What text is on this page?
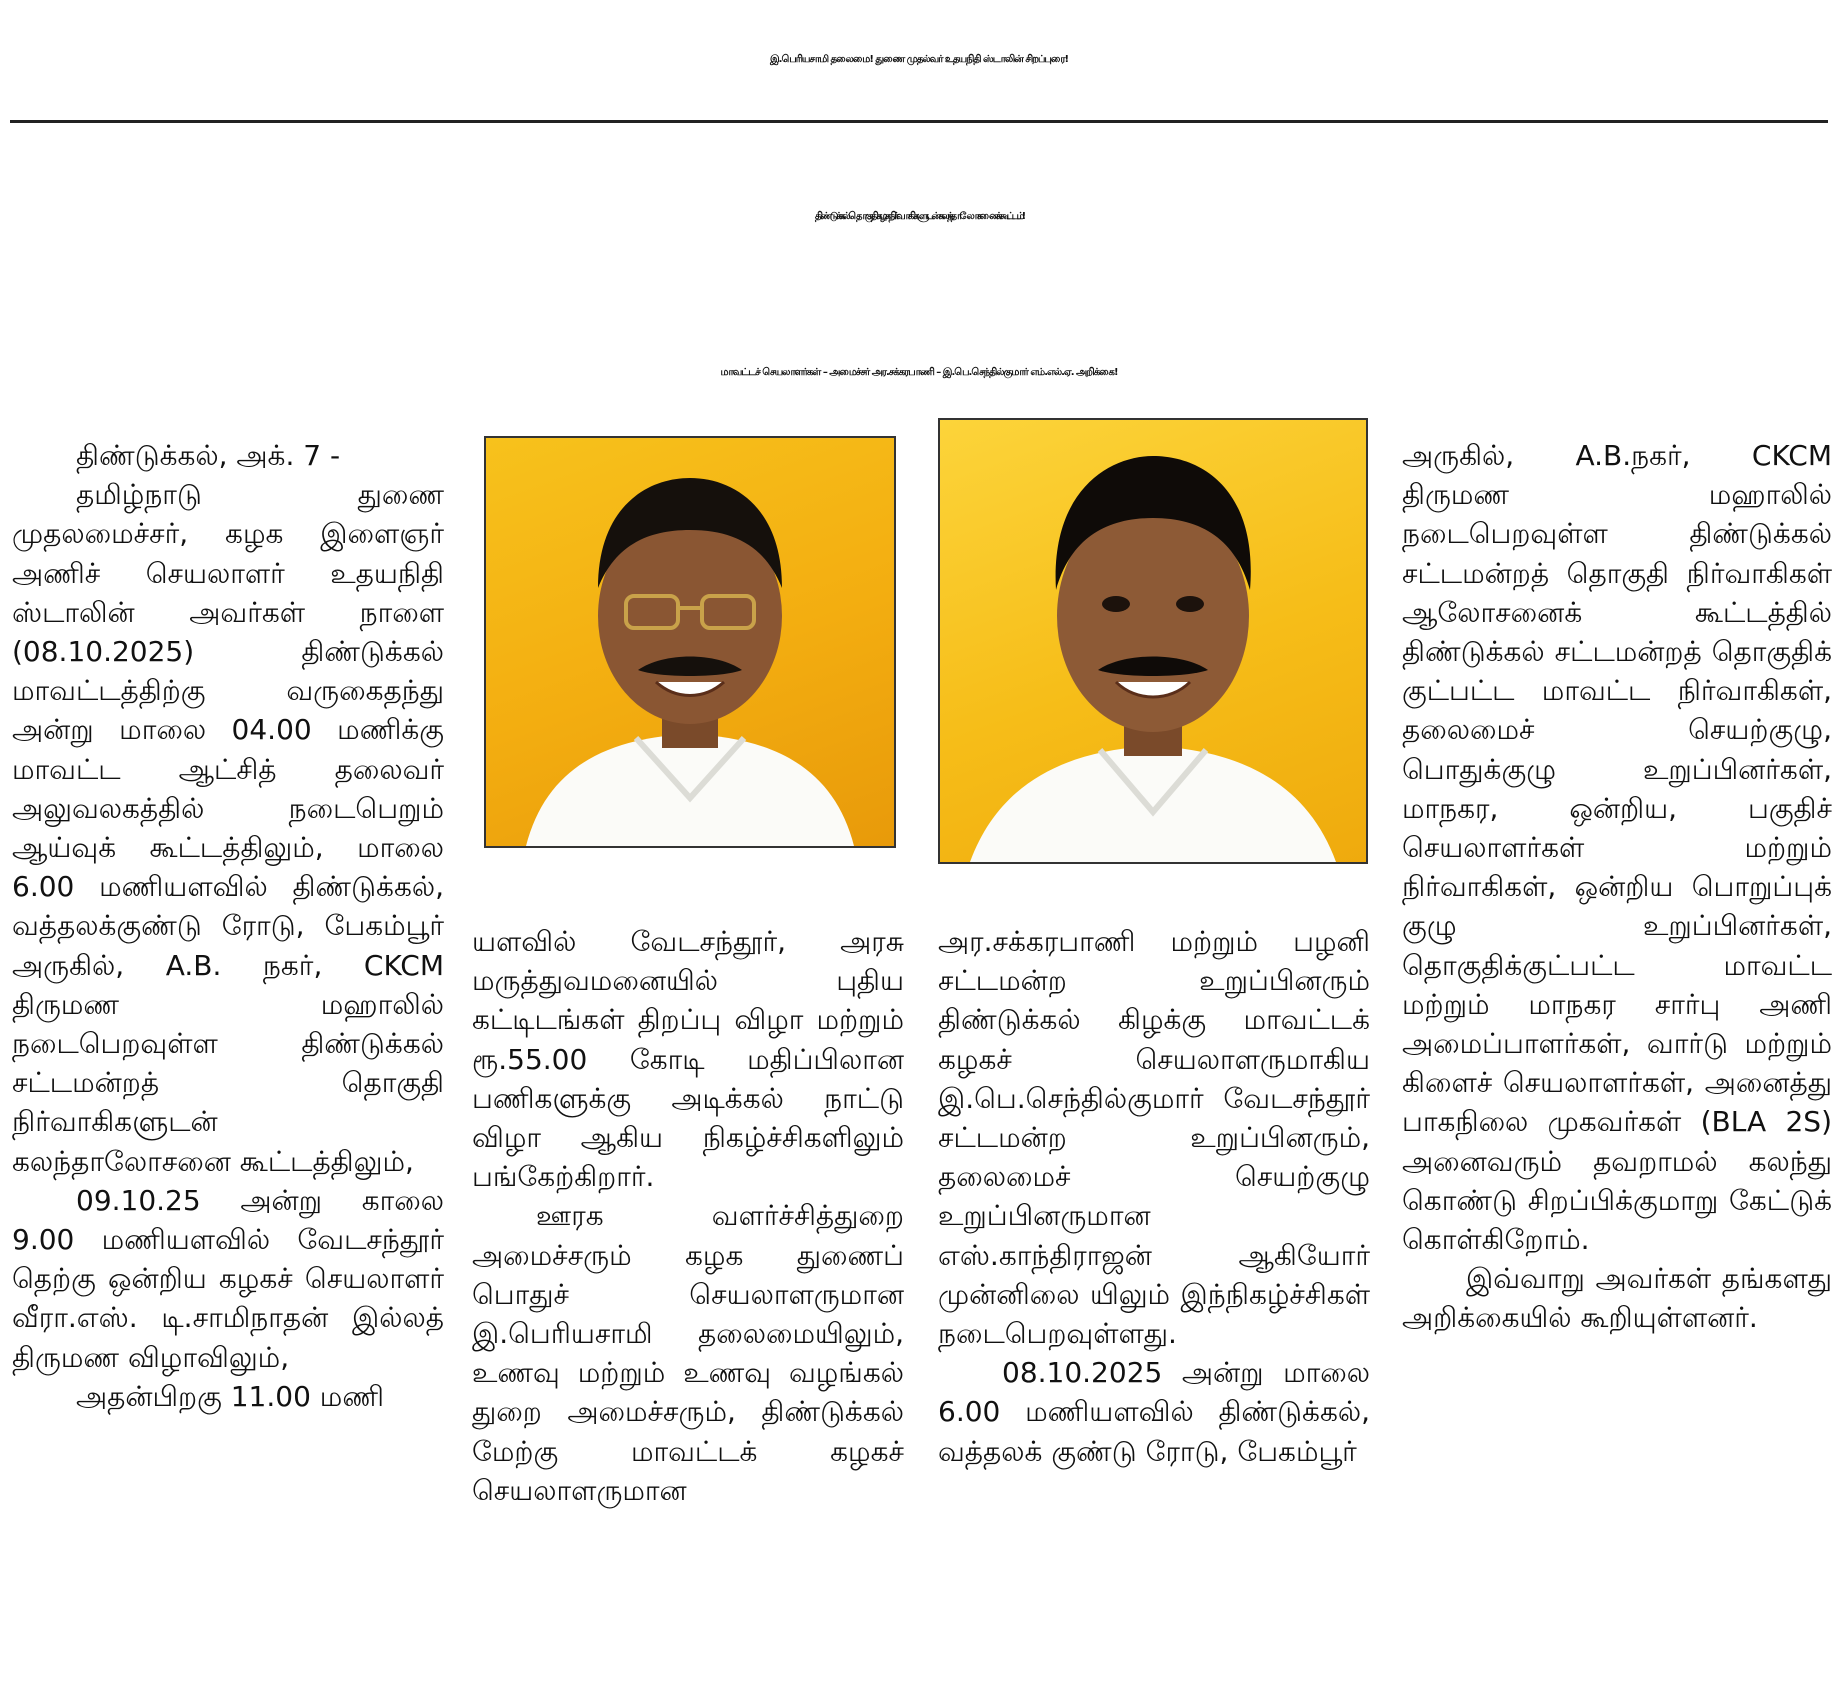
இ.பெரியசாமி தலைமை! துணை முதல்வர் உதயநிதி ஸ்டாலின் சிறப்புரை!
திண்டுக்கல் தொகுதி கழக நிர்வாகிகளுடன் கலந்தாலோசனைக் கூட்டம்!
மாவட்டச் செயலாளர்கள் – அமைச்சர் அர.சக்கரபாணி – இ.பெ.செந்தில்குமார் எம்.எல்.ஏ. அறிக்கை!

திண்டுக்கல், அக். 7 -

தமிழ்நாடு துணை முதலமைச்சர், கழக இளைஞர் அணிச் செயலாளர் உதயநிதி ஸ்டாலின் அவர்கள் நாளை (08.10.2025) திண்டுக்கல் மாவட்டத்திற்கு வருகைதந்து அன்று மாலை 04.00 மணிக்கு மாவட்ட ஆட்சித் தலைவர் அலுவலகத்தில் நடைபெறும் ஆய்வுக் கூட்டத்திலும், மாலை 6.00 மணியளவில் திண்டுக்கல், வத்தலக்குண்டு ரோடு, பேகம்பூர் அருகில், A.B. நகர், CKCM திருமண மஹாலில் நடைபெறவுள்ள திண்டுக்கல் சட்டமன்றத் தொகுதி நிர்வாகிகளுடன் கலந்தாலோசனை கூட்டத்திலும்,

09.10.25 அன்று காலை 9.00 மணியளவில் வேடசந்தூர் தெற்கு ஒன்றிய கழகச் செயலாளர் வீரா.எஸ். டி.சாமிநாதன் இல்லத் திருமண விழாவிலும்,

அதன்பிறகு 11.00 மணி

யளவில் வேடசந்தூர், அரசு மருத்துவமனையில் புதிய கட்டிடங்கள் திறப்பு விழா மற்றும் ரூ.55.00 கோடி மதிப்பிலான பணிகளுக்கு அடிக்கல் நாட்டு விழா ஆகிய நிகழ்ச்சிகளிலும் பங்கேற்கிறார்.

ஊரக வளர்ச்சித்துறை அமைச்சரும் கழக துணைப் பொதுச் செயலாளருமான இ.பெரியசாமி தலைமையிலும், உணவு மற்றும் உணவு வழங்கல் துறை அமைச்சரும், திண்டுக்கல் மேற்கு மாவட்டக் கழகச் செயலாளருமான

அர.சக்கரபாணி மற்றும் பழனி சட்டமன்ற உறுப்பினரும் திண்டுக்கல் கிழக்கு மாவட்டக் கழகச் செயலாளருமாகிய இ.பெ.செந்தில்குமார் வேடசந்தூர் சட்டமன்ற உறுப்பினரும், தலைமைச் செயற்குழு உறுப்பினருமான எஸ்.காந்திராஜன் ஆகியோர் முன்னிலை யிலும் இந்நிகழ்ச்சிகள் நடைபெறவுள்ளது.

08.10.2025 அன்று மாலை 6.00 மணியளவில் திண்டுக்கல், வத்தலக் குண்டு ரோடு, பேகம்பூர்

அருகில், A.B.நகர், CKCM திருமண மஹாலில் நடைபெறவுள்ள திண்டுக்கல் சட்டமன்றத் தொகுதி நிர்வாகிகள் ஆலோசனைக் கூட்டத்தில் திண்டுக்கல் சட்டமன்றத் தொகுதிக் குட்பட்ட மாவட்ட நிர்வாகிகள், தலைமைச் செயற்குழு, பொதுக்குழு உறுப்பினர்கள், மாநகர, ஒன்றிய, பகுதிச் செயலாளர்கள் மற்றும் நிர்வாகிகள், ஒன்றிய பொறுப்புக் குழு உறுப்பினர்கள், தொகுதிக்குட்பட்ட மாவட்ட மற்றும் மாநகர சார்பு அணி அமைப்பாளர்கள், வார்டு மற்றும் கிளைச் செயலாளர்கள், அனைத்து பாகநிலை முகவர்கள் (BLA 2S) அனைவரும் தவறாமல் கலந்து கொண்டு சிறப்பிக்குமாறு கேட்டுக் கொள்கிறோம்.

இவ்வாறு அவர்கள் தங்களது அறிக்கையில் கூறியுள்ளனர்.
